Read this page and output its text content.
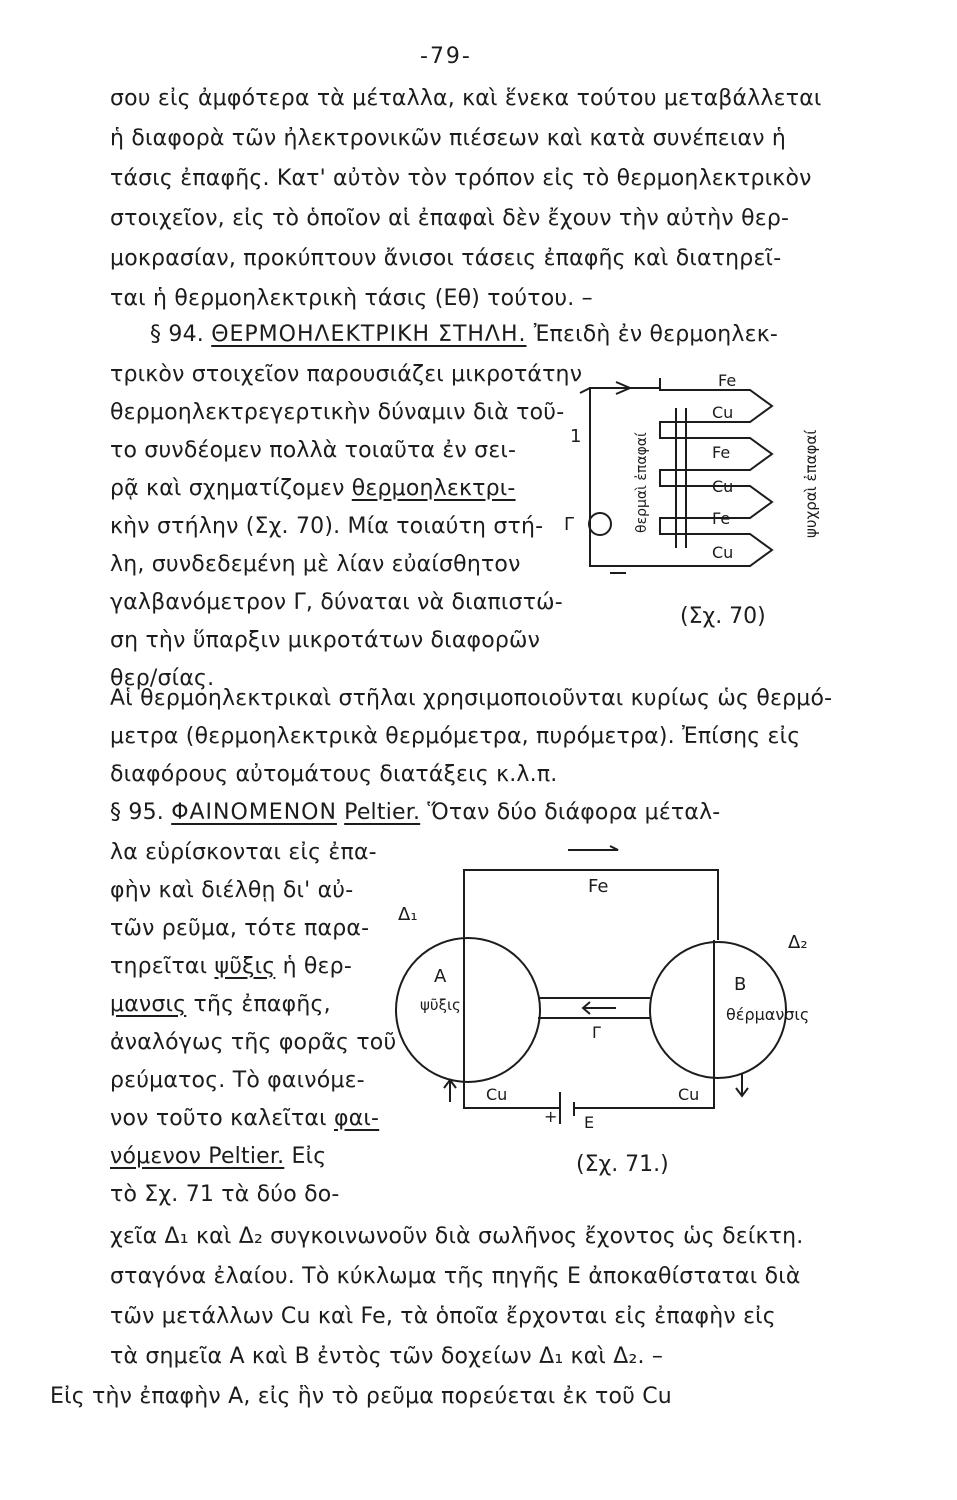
-79-
σου εἰς ἀμφότερα τὰ μέταλλα, καὶ ἕνεκα τούτου μεταβάλλεται
ἡ διαφορὰ τῶν ἠλεκτρονικῶν πιέσεων καὶ κατὰ συνέπειαν ἡ
τάσις ἐπαφῆς. Κατ' αὐτὸν τὸν τρόπον εἰς τὸ θερμοηλεκτρικὸν
στοιχεῖον, εἰς τὸ ὁποῖον αἱ ἐπαφαὶ δὲν ἔχουν τὴν αὐτὴν θερ-
μοκρασίαν, προκύπτουν ἄνισοι τάσεις ἐπαφῆς καὶ διατηρεῖ-
ται ἡ θερμοηλεκτρικὴ τάσις (Eθ) τούτου. –
§ 94. ΘΕΡΜΟΗΛΕΚΤΡΙΚΗ ΣΤΗΛΗ. Ἐπειδὴ ἐν θερμοηλεκ-
τρικὸν στοιχεῖον παρουσιάζει μικροτάτην
θερμοηλεκτρεγερτικὴν δύναμιν διὰ τοῦ-
το συνδέομεν πολλὰ τοιαῦτα ἐν σει-
ρᾷ καὶ σχηματίζομεν θερμοηλεκτρι-
κὴν στήλην (Σχ. 70). Μία τοιαύτη στή-
λη, συνδεδεμένη μὲ λίαν εὐαίσθητον
γαλβανόμετρον Γ, δύναται νὰ διαπιστώ-
ση τὴν ὕπαρξιν μικροτάτων διαφορῶν
θερ/σίας.
1
Γ
Fe
Cu
Fe
Cu
Fe
Cu
θερμαὶ ἐπαφαί	ψυχραὶ ἐπαφαί
(Σχ. 70)
Αἱ θερμοηλεκτρικαὶ στῆλαι χρησιμοποιοῦνται κυρίως ὡς θερμό-
μετρα (θερμοηλεκτρικὰ θερμόμετρα, πυρόμετρα). Ἐπίσης εἰς
διαφόρους αὐτομάτους διατάξεις κ.λ.π.
§ 95. ΦΑΙΝΟΜΕΝΟΝ Peltier. Ὅταν δύο διάφορα μέταλ-
λα εὑρίσκονται εἰς ἐπα-
φὴν καὶ διέλθῃ δι' αὐ-
τῶν ρεῦμα, τότε παρα-
τηρεῖται ψῦξις ἡ θερ-
μανσις τῆς ἐπαφῆς,
ἀναλόγως τῆς φορᾶς τοῦ
ρεύματος. Τὸ φαινόμε-
νον τοῦτο καλεῖται φαι-
νόμενον Peltier. Εἰς
τὸ Σχ. 71 τὰ δύο δο-
Fe
Δ₁
Δ₂
A	B
ψῦξις	θέρμανσις
Γ
Cu	Cu
+ E
(Σχ. 71.)
χεῖα Δ₁ καὶ Δ₂ συγκοινωνοῦν διὰ σωλῆνος ἔχοντος ὡς δείκτη.
σταγόνα ἐλαίου. Τὸ κύκλωμα τῆς πηγῆς E ἀποκαθίσταται διὰ
τῶν μετάλλων Cu καὶ Fe, τὰ ὁποῖα ἔρχονται εἰς ἐπαφὴν εἰς
τὰ σημεῖα A καὶ B ἐντὸς τῶν δοχείων Δ₁ καὶ Δ₂. –
Εἰς τὴν ἐπαφὴν A, εἰς ἣν τὸ ρεῦμα πορεύεται ἐκ τοῦ Cu
